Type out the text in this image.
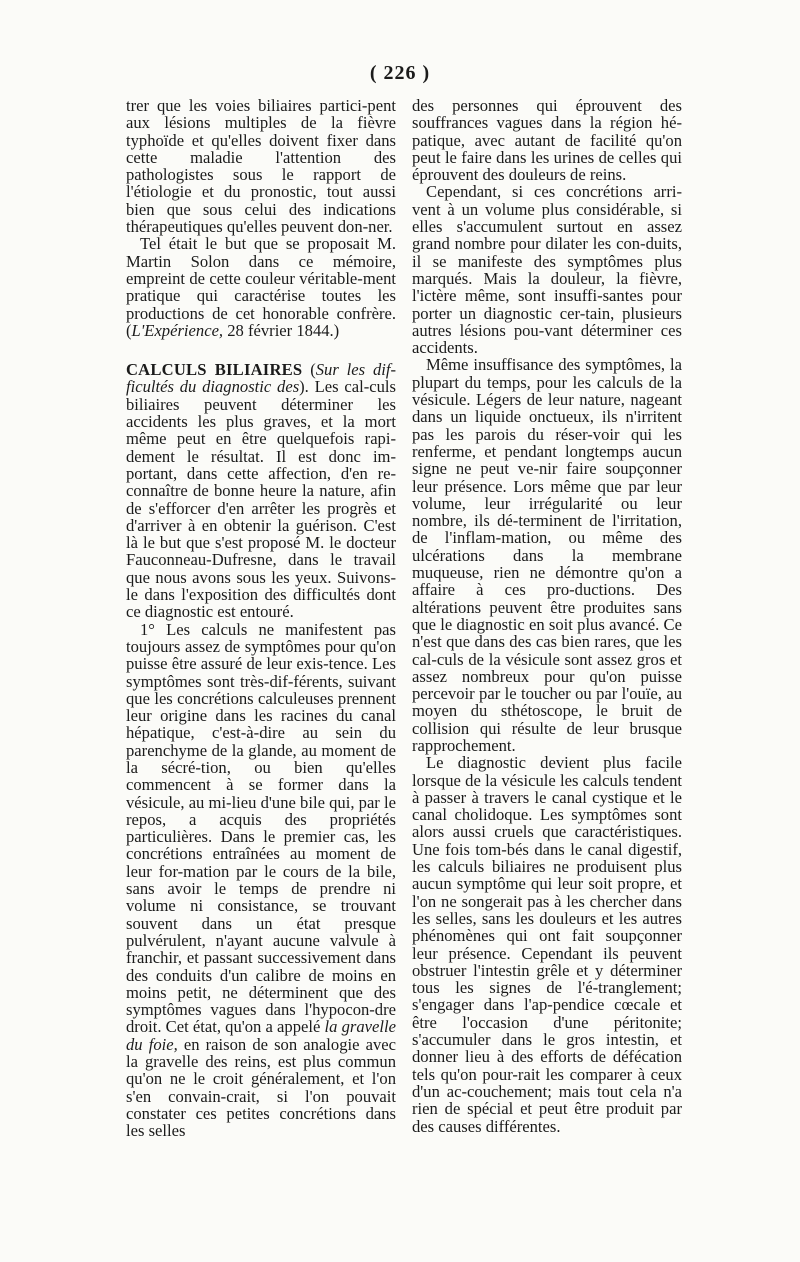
( 226 )

trer que les voies biliaires partici-pent aux lésions multiples de la fièvre typhoïde et qu'elles doivent fixer dans cette maladie l'attention des pathologistes sous le rapport de l'étiologie et du pronostic, tout aussi bien que sous celui des indications thérapeutiques qu'elles peuvent don-ner.

Tel était le but que se proposait M. Martin Solon dans ce mémoire, empreint de cette couleur véritable-ment pratique qui caractérise toutes les productions de cet honorable confrère. (L'Expérience, 28 février 1844.)

CALCULS BILIAIRES (Sur les dif-ficultés du diagnostic des). Les cal-culs biliaires peuvent déterminer les accidents les plus graves, et la mort même peut en être quelquefois rapi-dement le résultat. Il est donc im-portant, dans cette affection, d'en re-connaître de bonne heure la nature, afin de s'efforcer d'en arrêter les progrès et d'arriver à en obtenir la guérison. C'est là le but que s'est proposé M. le docteur Fauconneau-Dufresne, dans le travail que nous avons sous les yeux. Suivons-le dans l'exposition des difficultés dont ce diagnostic est entouré.

1° Les calculs ne manifestent pas toujours assez de symptômes pour qu'on puisse être assuré de leur exis-tence. Les symptômes sont très-dif-férents, suivant que les concrétions calculeuses prennent leur origine dans les racines du canal hépatique, c'est-à-dire au sein du parenchyme de la glande, au moment de la sécré-tion, ou bien qu'elles commencent à se former dans la vésicule, au mi-lieu d'une bile qui, par le repos, a acquis des propriétés particulières. Dans le premier cas, les concrétions entraînées au moment de leur for-mation par le cours de la bile, sans avoir le temps de prendre ni volume ni consistance, se trouvant souvent dans un état presque pulvérulent, n'ayant aucune valvule à franchir, et passant successivement dans des conduits d'un calibre de moins en moins petit, ne déterminent que des symptômes vagues dans l'hypocon-dre droit. Cet état, qu'on a appelé la gravelle du foie, en raison de son analogie avec la gravelle des reins, est plus commun qu'on ne le croit généralement, et l'on s'en convain-crait, si l'on pouvait constater ces petites concrétions dans les selles

des personnes qui éprouvent des souffrances vagues dans la région hé-patique, avec autant de facilité qu'on peut le faire dans les urines de celles qui éprouvent des douleurs de reins.

Cependant, si ces concrétions arri-vent à un volume plus considérable, si elles s'accumulent surtout en assez grand nombre pour dilater les con-duits, il se manifeste des symptômes plus marqués. Mais la douleur, la fièvre, l'ictère même, sont insuffi-santes pour porter un diagnostic cer-tain, plusieurs autres lésions pou-vant déterminer ces accidents.

Même insuffisance des symptômes, la plupart du temps, pour les calculs de la vésicule. Légers de leur nature, nageant dans un liquide onctueux, ils n'irritent pas les parois du réser-voir qui les renferme, et pendant longtemps aucun signe ne peut ve-nir faire soupçonner leur présence. Lors même que par leur volume, leur irrégularité ou leur nombre, ils dé-terminent de l'irritation, de l'inflam-mation, ou même des ulcérations dans la membrane muqueuse, rien ne démontre qu'on a affaire à ces pro-ductions. Des altérations peuvent être produites sans que le diagnostic en soit plus avancé. Ce n'est que dans des cas bien rares, que les cal-culs de la vésicule sont assez gros et assez nombreux pour qu'on puisse percevoir par le toucher ou par l'ouïe, au moyen du sthétoscope, le bruit de collision qui résulte de leur brusque rapprochement.

Le diagnostic devient plus facile lorsque de la vésicule les calculs tendent à passer à travers le canal cystique et le canal cholidoque. Les symptômes sont alors aussi cruels que caractéristiques. Une fois tom-bés dans le canal digestif, les calculs biliaires ne produisent plus aucun symptôme qui leur soit propre, et l'on ne songerait pas à les chercher dans les selles, sans les douleurs et les autres phénomènes qui ont fait soupçonner leur présence. Cependant ils peuvent obstruer l'intestin grêle et y déterminer tous les signes de l'é-tranglement; s'engager dans l'ap-pendice cœcale et être l'occasion d'une péritonite; s'accumuler dans le gros intestin, et donner lieu à des efforts de défécation tels qu'on pour-rait les comparer à ceux d'un ac-couchement; mais tout cela n'a rien de spécial et peut être produit par des causes différentes.
